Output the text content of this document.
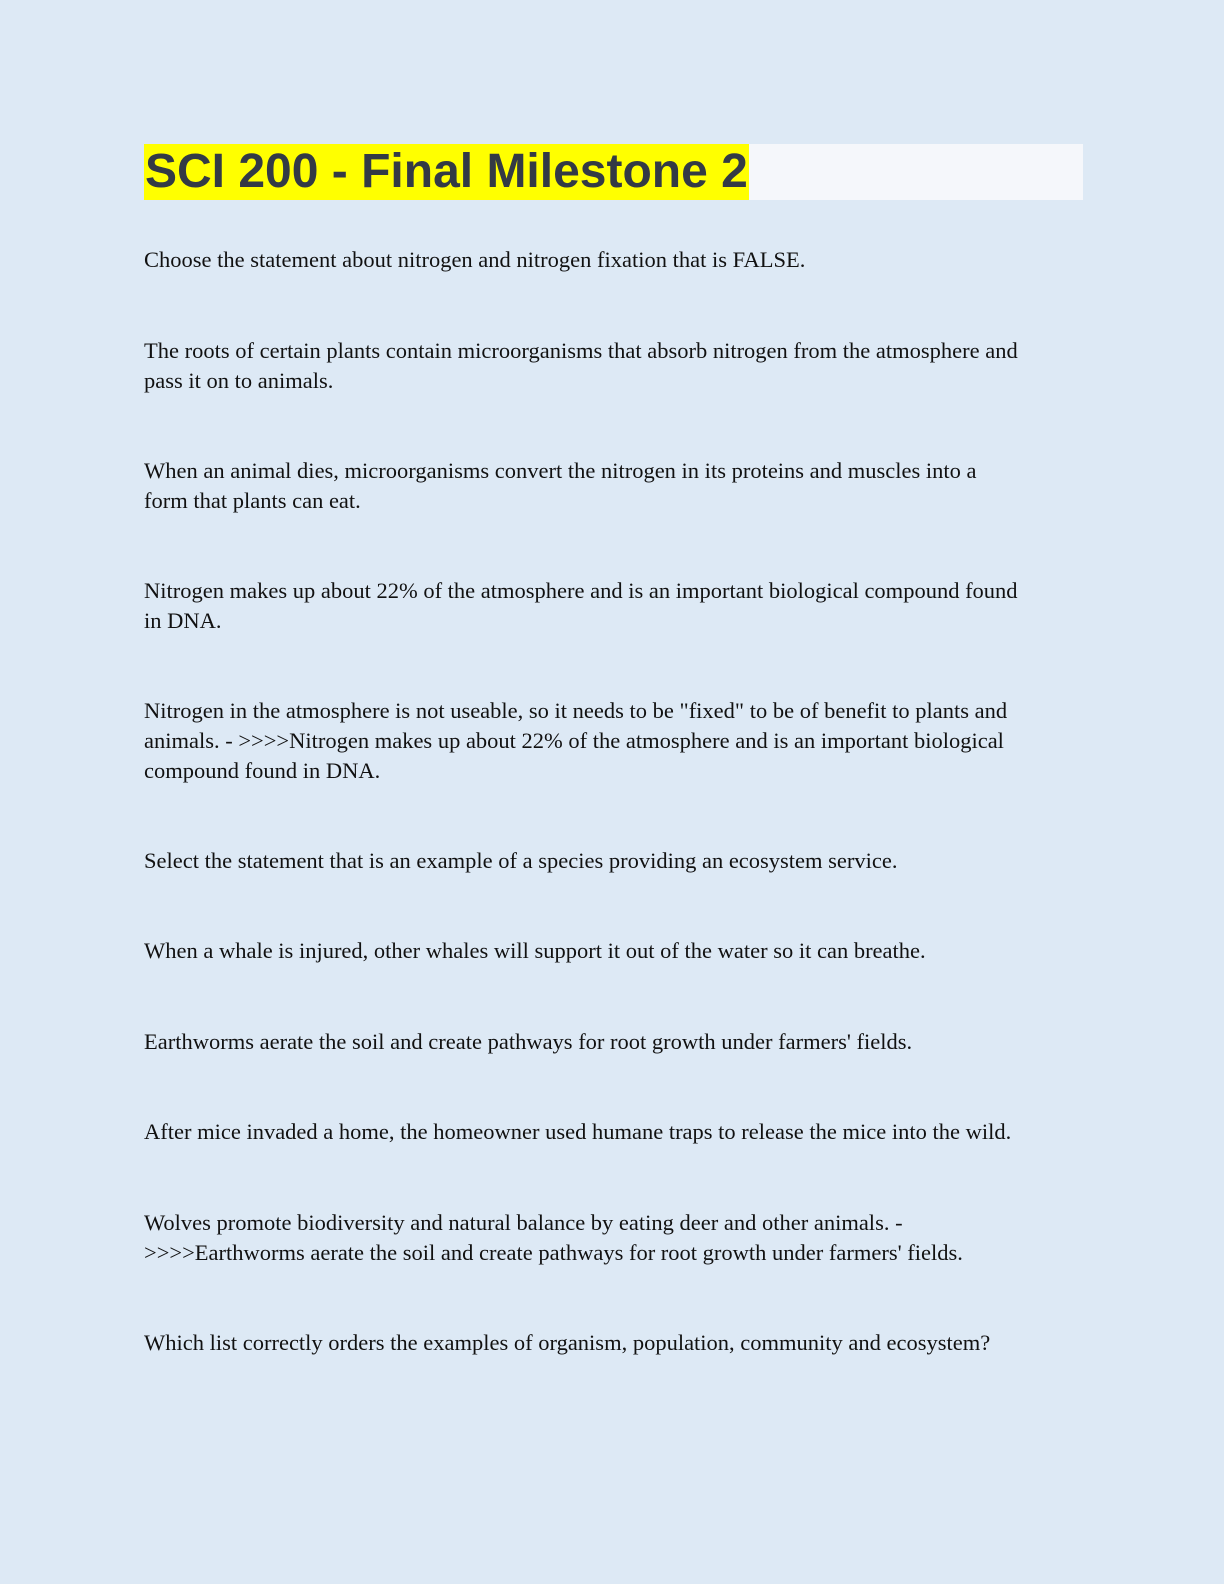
SCI 200 - Final Milestone 2

Choose the statement about nitrogen and nitrogen fixation that is FALSE.

The roots of certain plants contain microorganisms that absorb nitrogen from the atmosphere and
pass it on to animals.

When an animal dies, microorganisms convert the nitrogen in its proteins and muscles into a
form that plants can eat.

Nitrogen makes up about 22% of the atmosphere and is an important biological compound found
in DNA.

Nitrogen in the atmosphere is not useable, so it needs to be "fixed" to be of benefit to plants and
animals. - >>>>Nitrogen makes up about 22% of the atmosphere and is an important biological
compound found in DNA.

Select the statement that is an example of a species providing an ecosystem service.

When a whale is injured, other whales will support it out of the water so it can breathe.

Earthworms aerate the soil and create pathways for root growth under farmers' fields.

After mice invaded a home, the homeowner used humane traps to release the mice into the wild.

Wolves promote biodiversity and natural balance by eating deer and other animals. -
>>>>Earthworms aerate the soil and create pathways for root growth under farmers' fields.

Which list correctly orders the examples of organism, population, community and ecosystem?
